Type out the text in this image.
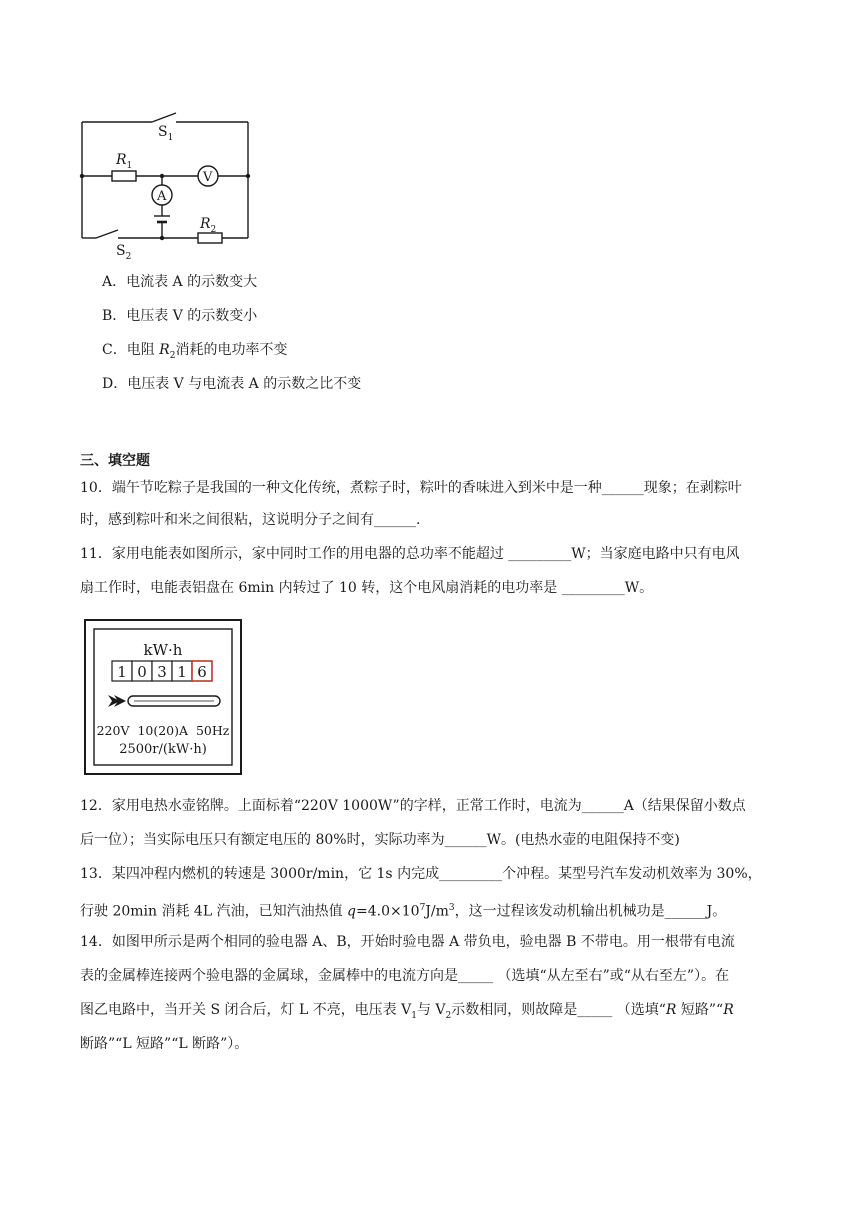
$S_1$
$R_1$
V
A
$R_2$
$S_2$
A．电流表 A 的示数变大
B．电压表 V 的示数变小
C．电阻 $R_2$消耗的电功率不变
D．电压表 V 与电流表 A 的示数之比不变
三、填空题
10．端午节吃粽子是我国的一种文化传统，煮粽子时，粽叶的香味进入到米中是一种______现象；在剥粽叶
时，感到粽叶和米之间很粘，这说明分子之间有______.
11．家用电能表如图所示，家中同时工作的用电器的总功率不能超过 _________W；当家庭电路中只有电风
扇工作时，电能表铝盘在 6min 内转过了 10 转，这个电风扇消耗的电功率是 _________W。
kW·h
1 0 3 1 6
220V  10(20)A  50Hz
2500r/(kW·h)
12．家用电热水壶铭牌。上面标着“220V 1000W”的字样，正常工作时，电流为______A（结果保留小数点
后一位）；当实际电压只有额定电压的 80%时，实际功率为______W。(电热水壶的电阻保持不变)
13．某四冲程内燃机的转速是 3000r/min，它 1s 内完成_________个冲程。某型号汽车发动机效率为 30%，
行驶 20min 消耗 4L 汽油，已知汽油热值 $q=4.0\times 10^7J/m^3$，这一过程该发动机输出机械功是______J。
14．如图甲所示是两个相同的验电器 A、B，开始时验电器 A 带负电，验电器 B 不带电。用一根带有电流
表的金属棒连接两个验电器的金属球，金属棒中的电流方向是_____ （选填“从左至右”或“从右至左”）。在
图乙电路中，当开关 S 闭合后，灯 L 不亮，电压表 $V_1$与 $V_2$示数相同，则故障是_____ （选填“R 短路”“R
断路”“L 短路”“L 断路”）。
